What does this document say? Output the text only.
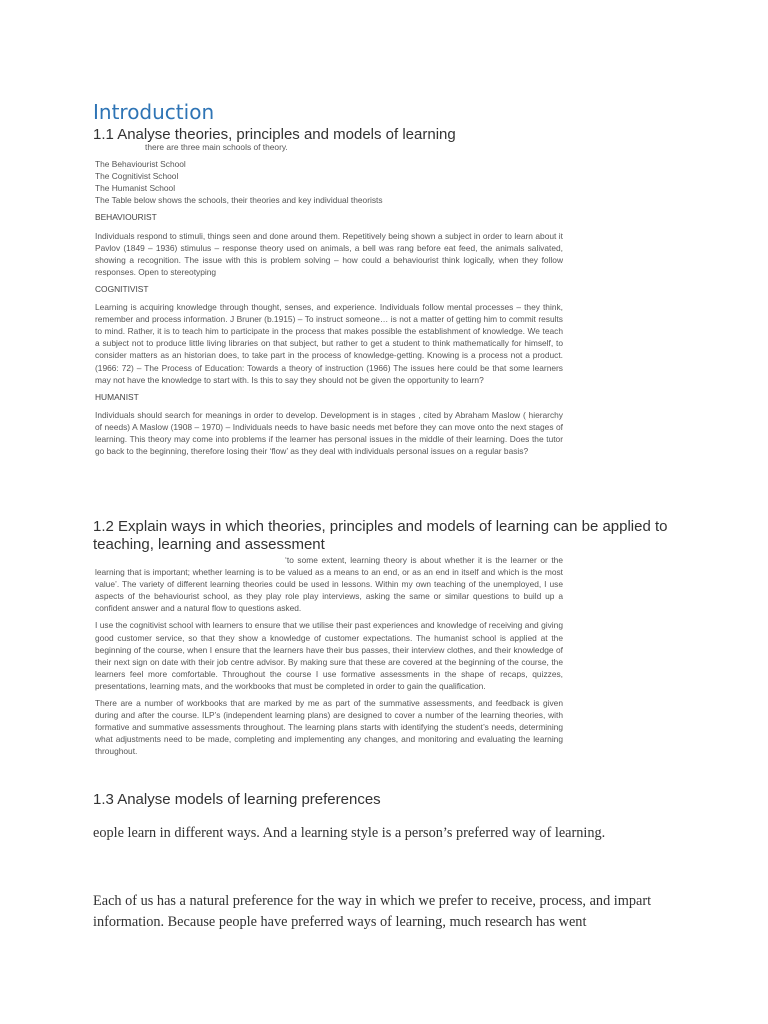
Introduction
1.1 Analyse theories, principles and models of learning

there are three main schools of theory.

The Behaviourist School

The Cognitivist School

The Humanist School

The Table below shows the schools, their theories and key individual theorists

BEHAVIOURIST

Individuals respond to stimuli, things seen and done around them. Repetitively being shown a subject in order to learn about it Pavlov (1849 – 1936) stimulus – response theory used on animals, a bell was rang before eat feed, the animals salivated, showing a recognition. The issue with this is problem solving – how could a behaviourist think logically, when they follow responses. Open to stereotyping

COGNITIVIST

Learning is acquiring knowledge through thought, senses, and experience. Individuals follow mental processes – they think, remember and process information. J Bruner (b.1915) – To instruct someone… is not a matter of getting him to commit results to mind. Rather, it is to teach him to participate in the process that makes possible the establishment of knowledge. We teach a subject not to produce little living libraries on that subject, but rather to get a student to think mathematically for himself, to consider matters as an historian does, to take part in the process of knowledge-getting. Knowing is a process not a product. (1966: 72) – The Process of Education: Towards a theory of instruction (1966) The issues here could be that some learners may not have the knowledge to start with. Is this to say they should not be given the opportunity to learn?

HUMANIST

Individuals should search for meanings in order to develop. Development is in stages , cited by Abraham Maslow ( hierarchy of needs) A Maslow (1908 – 1970) – Individuals needs to have basic needs met before they can move onto the next stages of learning. This theory may come into problems if the learner has personal issues in the middle of their learning. Does the tutor go back to the beginning, therefore losing their ‘flow’ as they deal with individuals personal issues on a regular basis?

1.2 Explain ways in which theories, principles and models of learning can be applied to teaching, learning and assessment

‘to some extent, learning theory is about whether it is the learner or the learning that is important; whether learning is to be valued as a means to an end, or as an end in itself and which is the most value’. The variety of different learning theories could be used in lessons. Within my own teaching of the unemployed, I use aspects of the behaviourist school, as they play role play interviews, asking the same or similar questions to build up a confident answer and a natural flow to questions asked.

I use the cognitivist school with learners to ensure that we utilise their past experiences and knowledge of receiving and giving good customer service, so that they show a knowledge of customer expectations. The humanist school is applied at the beginning of the course, when I ensure that the learners have their bus passes, their interview clothes, and their knowledge of their next sign on date with their job centre advisor. By making sure that these are covered at the beginning of the course, the learners feel more comfortable. Throughout the course I use formative assessments in the shape of recaps, quizzes, presentations, learning mats, and the workbooks that must be completed in order to gain the qualification.

There are a number of workbooks that are marked by me as part of the summative assessments, and feedback is given during and after the course. ILP’s (independent learning plans) are designed to cover a number of the learning theories, with formative and summative assessments throughout. The learning plans starts with identifying the student’s needs, determining what adjustments need to be made, completing and implementing any changes, and monitoring and evaluating the learning throughout.

1.3 Analyse models of learning preferences

eople learn in different ways. And a learning style is a person’s preferred way of learning.

Each of us has a natural preference for the way in which we prefer to receive, process, and impart information. Because people have preferred ways of learning, much research has went
